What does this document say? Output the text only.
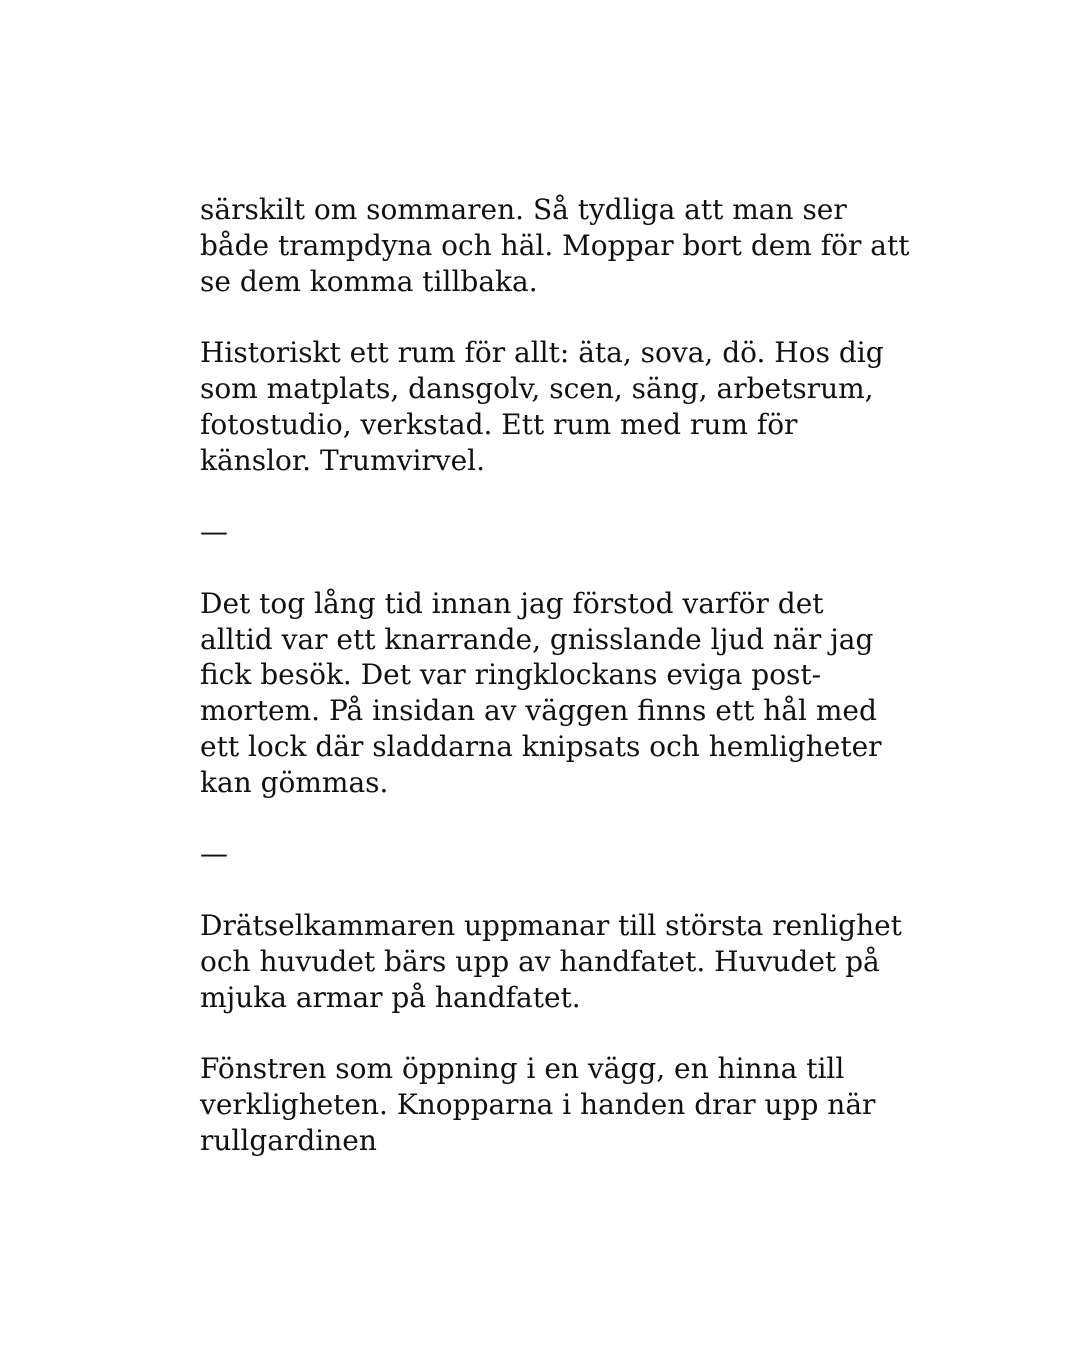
särskilt om sommaren. Så tydliga att man ser
både trampdyna och häl. Moppar bort dem för att
se dem komma tillbaka.
Historiskt ett rum för allt: äta, sova, dö. Hos dig
som matplats, dansgolv, scen, säng, arbetsrum,
fotostudio, verkstad. Ett rum med rum för
känslor. Trumvirvel.
—
Det tog lång tid innan jag förstod varför det
alltid var ett knarrande, gnisslande ljud när jag
fick besök. Det var ringklockans eviga post-
mortem. På insidan av väggen finns ett hål med
ett lock där sladdarna knipsats och hemligheter
kan gömmas.
—
Drätselkammaren uppmanar till största renlighet
och huvudet bärs upp av handfatet. Huvudet på
mjuka armar på handfatet.
Fönstren som öppning i en vägg, en hinna till
verkligheten. Knopparna i handen drar upp när
rullgardinen
